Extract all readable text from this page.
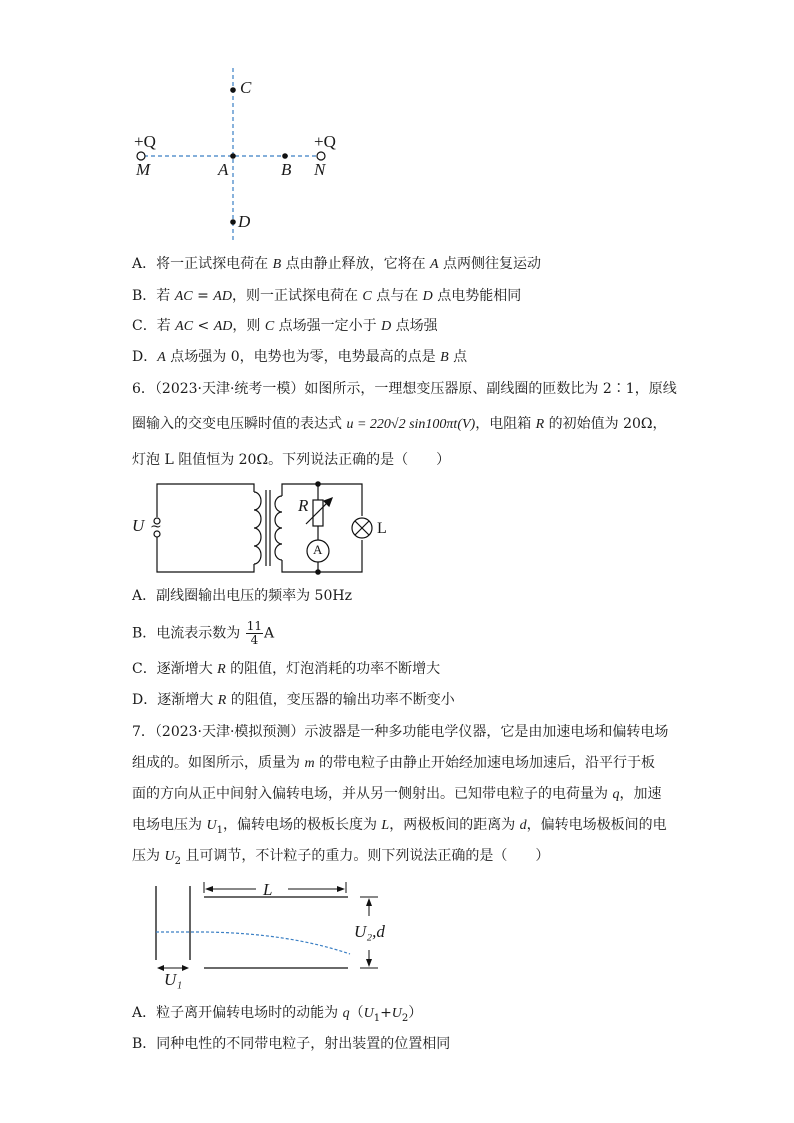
C
+Q	+Q
M	A	B N
D
A．将一正试探电荷在 B 点由静止释放，它将在 A 点两侧往复运动
B．若 AC = AD，则一正试探电荷在 C 点与在 D 点电势能相同
C．若 AC < AD，则 C 点场强一定小于 D 点场强
D．A 点场强为 0，电势也为零，电势最高的点是 B 点
6．（2023·天津·统考一模）如图所示，一理想变压器原、副线圈的匝数比为 2∶1，原线
圈输入的交变电压瞬时值的表达式 u = 220√2 sin100πt(V)，电阻箱 R 的初始值为 20Ω，
灯泡 L 阻值恒为 20Ω。下列说法正确的是（　　）
U ~
R
A
L
A．副线圈输出电压的频率为 50Hz
B．电流表示数为 $\frac{11}{4}$ A
C．逐渐增大 R 的阻值，灯泡消耗的功率不断增大
D．逐渐增大 R 的阻值，变压器的输出功率不断变小
7．（2023·天津·模拟预测）示波器是一种多功能电学仪器，它是由加速电场和偏转电场
组成的。如图所示，质量为 m 的带电粒子由静止开始经加速电场加速后，沿平行于板
面的方向从正中间射入偏转电场，并从另一侧射出。已知带电粒子的电荷量为 q，加速
电场电压为 $U_1$，偏转电场的极板长度为 L，两极板间的距离为 d，偏转电场极板间的电
压为 $U_2$ 且可调节，不计粒子的重力。则下列说法正确的是（　　）
L
U₂,d
U₁
A．粒子离开偏转电场时的动能为 $q(U_1+U_2)$
B．同种电性的不同带电粒子，射出装置的位置相同
